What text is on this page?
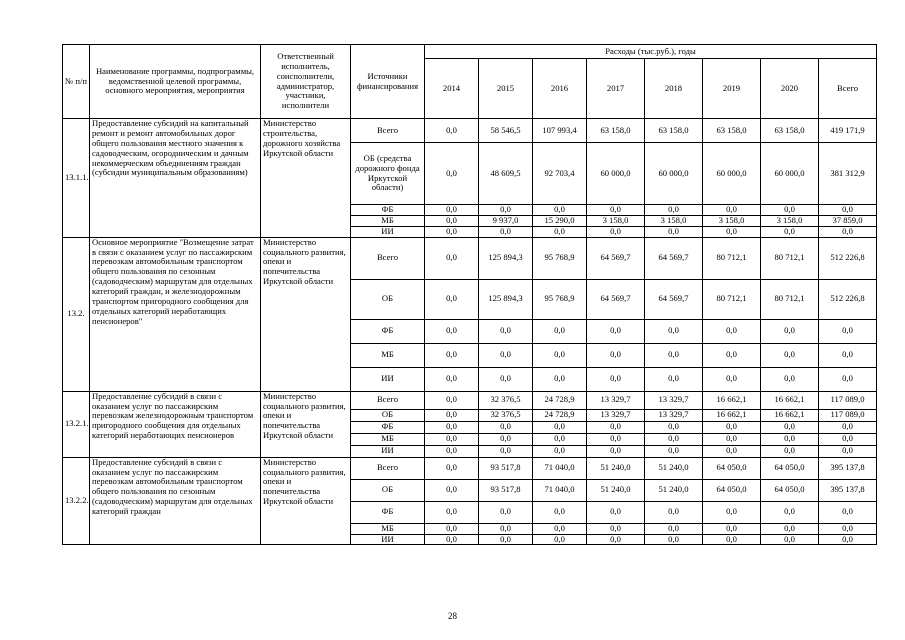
№ п/п	Наименование программы, подпрограммы, ведомственной целевой программы, основного мероприятия, мероприятия	Ответственный исполнитель, соисполнители, администратор, участники, исполнители	Источники финансирования	Расходы (тыс.руб.), годы							
				2014	2015	2016	2017	2018	2019	2020	Всего
13.1.1.	Предоставление субсидий на капитальный ремонт и ремонт автомобильных дорог общего пользования местного значения к садоводческим, огородническим и дачным некоммерческим объединениям граждан (субсидии муниципальным образованиям)	Министерство строительства, дорожного хозяйства Иркутской области	Всего	0,0	58 546,5	107 993,4	63 158,0	63 158,0	63 158,0	63 158,0	419 171,9
			ОБ (средства дорожного фонда Иркутской области)	0,0	48 609,5	92 703,4	60 000,0	60 000,0	60 000,0	60 000,0	381 312,9
			ФБ	0,0	0,0	0,0	0,0	0,0	0,0	0,0	0,0
			МБ	0,0	9 937,0	15 290,0	3 158,0	3 158,0	3 158,0	3 158,0	37 859,0
			ИИ	0,0	0,0	0,0	0,0	0,0	0,0	0,0	0,0
13.2.	Основное мероприятие "Возмещение затрат в связи с оказанием услуг по пассажирским перевозкам автомобильным транспортом общего пользования по сезонным (садоводческим) маршрутам для отдельных категорий граждан, и железнодорожным транспортом пригородного сообщения для отдельных категорий неработающих пенсионеров"	Министерство социального развития, опеки и попечительства Иркутской области	Всего	0,0	125 894,3	95 768,9	64 569,7	64 569,7	80 712,1	80 712,1	512 226,8
			ОБ	0,0	125 894,3	95 768,9	64 569,7	64 569,7	80 712,1	80 712,1	512 226,8
			ФБ	0,0	0,0	0,0	0,0	0,0	0,0	0,0	0,0
			МБ	0,0	0,0	0,0	0,0	0,0	0,0	0,0	0,0
			ИИ	0,0	0,0	0,0	0,0	0,0	0,0	0,0	0,0
13.2.1.	Предоставление субсидий в связи с оказанием услуг по пассажирским перевозкам железнодорожным транспортом пригородного сообщения для отдельных категорий неработающих пенсионеров	Министерство социального развития, опеки и попечительства Иркутской области	Всего	0,0	32 376,5	24 728,9	13 329,7	13 329,7	16 662,1	16 662,1	117 089,0
			ОБ	0,0	32 376,5	24 728,9	13 329,7	13 329,7	16 662,1	16 662,1	117 089,0
			ФБ	0,0	0,0	0,0	0,0	0,0	0,0	0,0	0,0
			МБ	0,0	0,0	0,0	0,0	0,0	0,0	0,0	0,0
			ИИ	0,0	0,0	0,0	0,0	0,0	0,0	0,0	0,0
13.2.2.	Предоставление субсидий в связи с оказанием услуг по пассажирским перевозкам автомобильным транспортом общего пользования по сезонным (садоводческим) маршрутам для отдельных категорий граждан	Министерство социального развития, опеки и попечительства Иркутской области	Всего	0,0	93 517,8	71 040,0	51 240,0	51 240,0	64 050,0	64 050,0	395 137,8
			ОБ	0,0	93 517,8	71 040,0	51 240,0	51 240,0	64 050,0	64 050,0	395 137,8
			ФБ	0,0	0,0	0,0	0,0	0,0	0,0	0,0	0,0
			МБ	0,0	0,0	0,0	0,0	0,0	0,0	0,0	0,0
			ИИ	0,0	0,0	0,0	0,0	0,0	0,0	0,0	0,0
28
